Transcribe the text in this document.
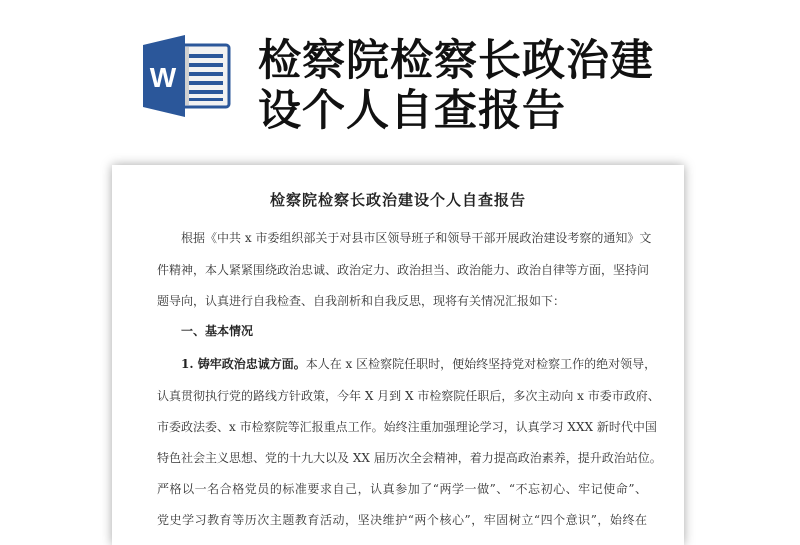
W 检察院检察长政治建
设个人自查报告
检察院检察长政治建设个人自查报告
根据《中共 x 市委组织部关于对县市区领导班子和领导干部开展政治建设考察的通知》文
件精神，本人紧紧围绕政治忠诚、政治定力、政治担当、政治能力、政治自律等方面，坚持问
题导向，认真进行自我检查、自我剖析和自我反思，现将有关情况汇报如下：
一、基本情况
1. 铸牢政治忠诚方面。本人在 x 区检察院任职时，便始终坚持党对检察工作的绝对领导，
认真贯彻执行党的路线方针政策，今年 X 月到 X 市检察院任职后，多次主动向 x 市委市政府、
市委政法委、x 市检察院等汇报重点工作。始终注重加强理论学习，认真学习 XXX 新时代中国
特色社会主义思想、党的十九大以及 XX 届历次全会精神，着力提高政治素养，提升政治站位。
严格以一名合格党员的标准要求自己，认真参加了“两学一做”、“不忘初心、牢记使命”、
党史学习教育等历次主题教育活动，坚决维护“两个核心”，牢固树立“四个意识”，始终在
